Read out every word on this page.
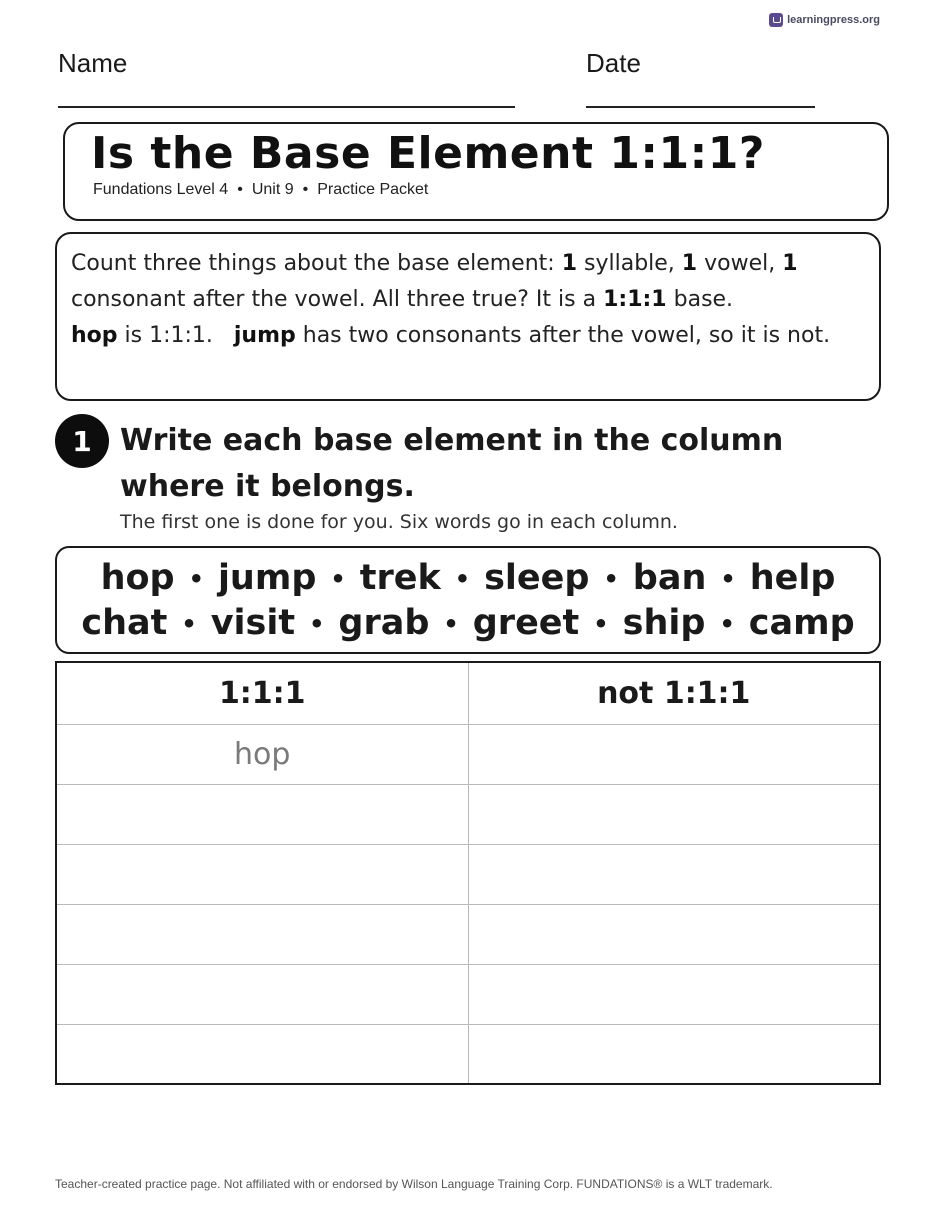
learningpress.org
Name	Date
Is the Base Element 1:1:1?
Fundations Level 4 • Unit 9 • Practice Packet
Count three things about the base element: 1 syllable, 1 vowel, 1
consonant after the vowel. All three true? It is a 1:1:1 base.
hop is 1:1:1. jump has two consonants after the vowel, so it is not.
1 Write each base element in the column where it belongs.
The first one is done for you. Six words go in each column.
hop • jump • trek • sleep • ban • help
chat • visit • grab • greet • ship • camp
1:1:1	not 1:1:1
hop	

Teacher-created practice page. Not affiliated with or endorsed by Wilson Language Training Corp. FUNDATIONS® is a WLT trademark.
